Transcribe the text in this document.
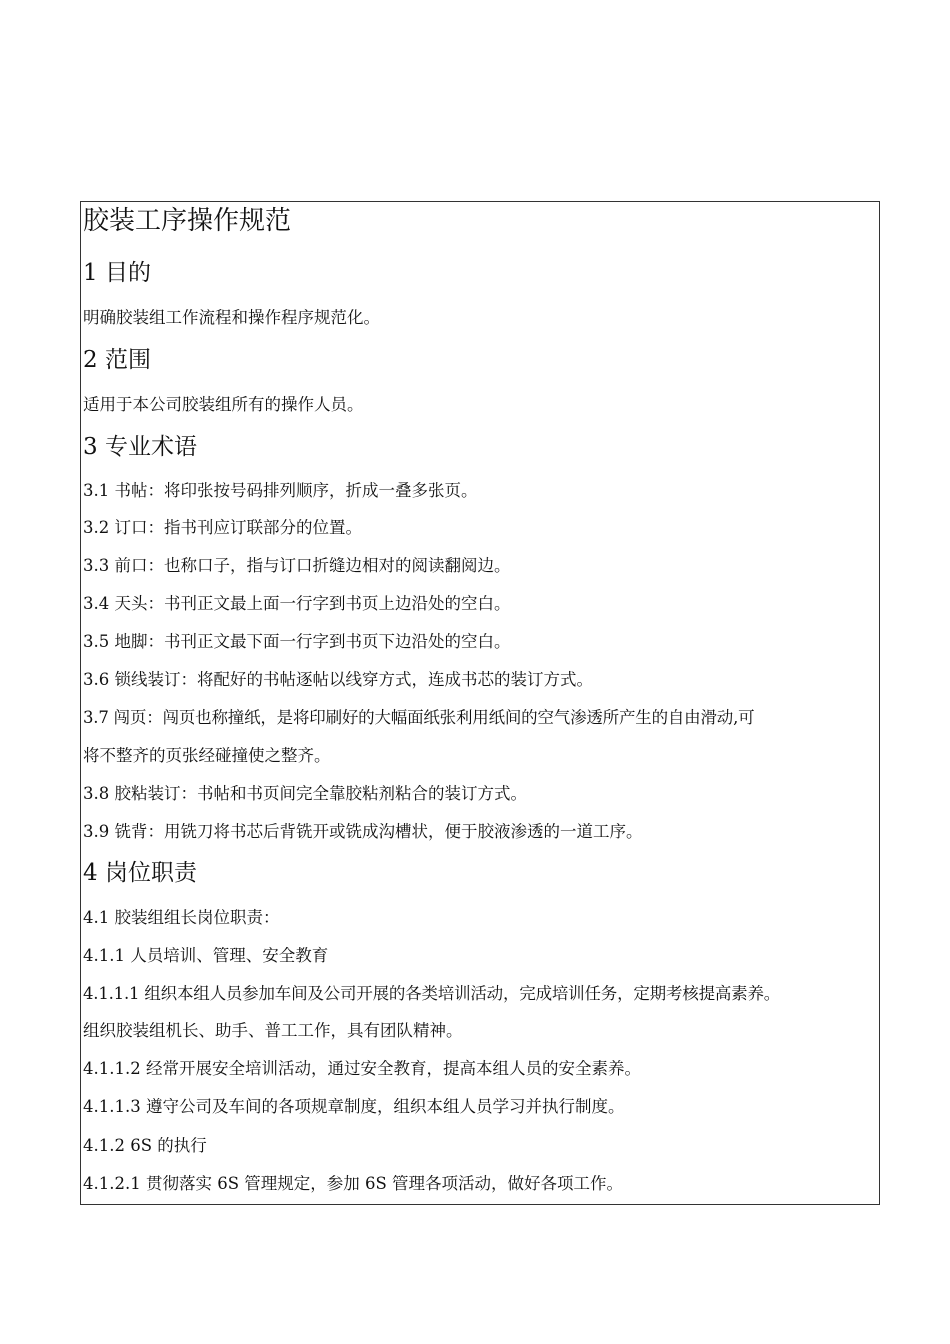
胶装工序操作规范
1 目的
明确胶装组工作流程和操作程序规范化。
2 范围
适用于本公司胶装组所有的操作人员。
3 专业术语
3.1 书帖：将印张按号码排列顺序，折成一叠多张页。
3.2 订口：指书刊应订联部分的位置。
3.3 前口：也称口子，指与订口折缝边相对的阅读翻阅边。
3.4 天头：书刊正文最上面一行字到书页上边沿处的空白。
3.5 地脚：书刊正文最下面一行字到书页下边沿处的空白。
3.6 锁线装订：将配好的书帖逐帖以线穿方式，连成书芯的装订方式。
3.7 闯页：闯页也称撞纸，是将印刷好的大幅面纸张利用纸间的空气渗透所产生的自由滑动,可
将不整齐的页张经碰撞使之整齐。
3.8 胶粘装订：书帖和书页间完全靠胶粘剂粘合的装订方式。
3.9 铣背：用铣刀将书芯后背铣开或铣成沟槽状，便于胶液渗透的一道工序。
4 岗位职责
4.1 胶装组组长岗位职责：
4.1.1 人员培训、管理、安全教育
4.1.1.1 组织本组人员参加车间及公司开展的各类培训活动，完成培训任务，定期考核提高素养。
组织胶装组机长、助手、普工工作，具有团队精神。
4.1.1.2 经常开展安全培训活动，通过安全教育，提高本组人员的安全素养。
4.1.1.3 遵守公司及车间的各项规章制度，组织本组人员学习并执行制度。
4.1.2 6S 的执行
4.1.2.1 贯彻落实 6S 管理规定，参加 6S 管理各项活动，做好各项工作。
